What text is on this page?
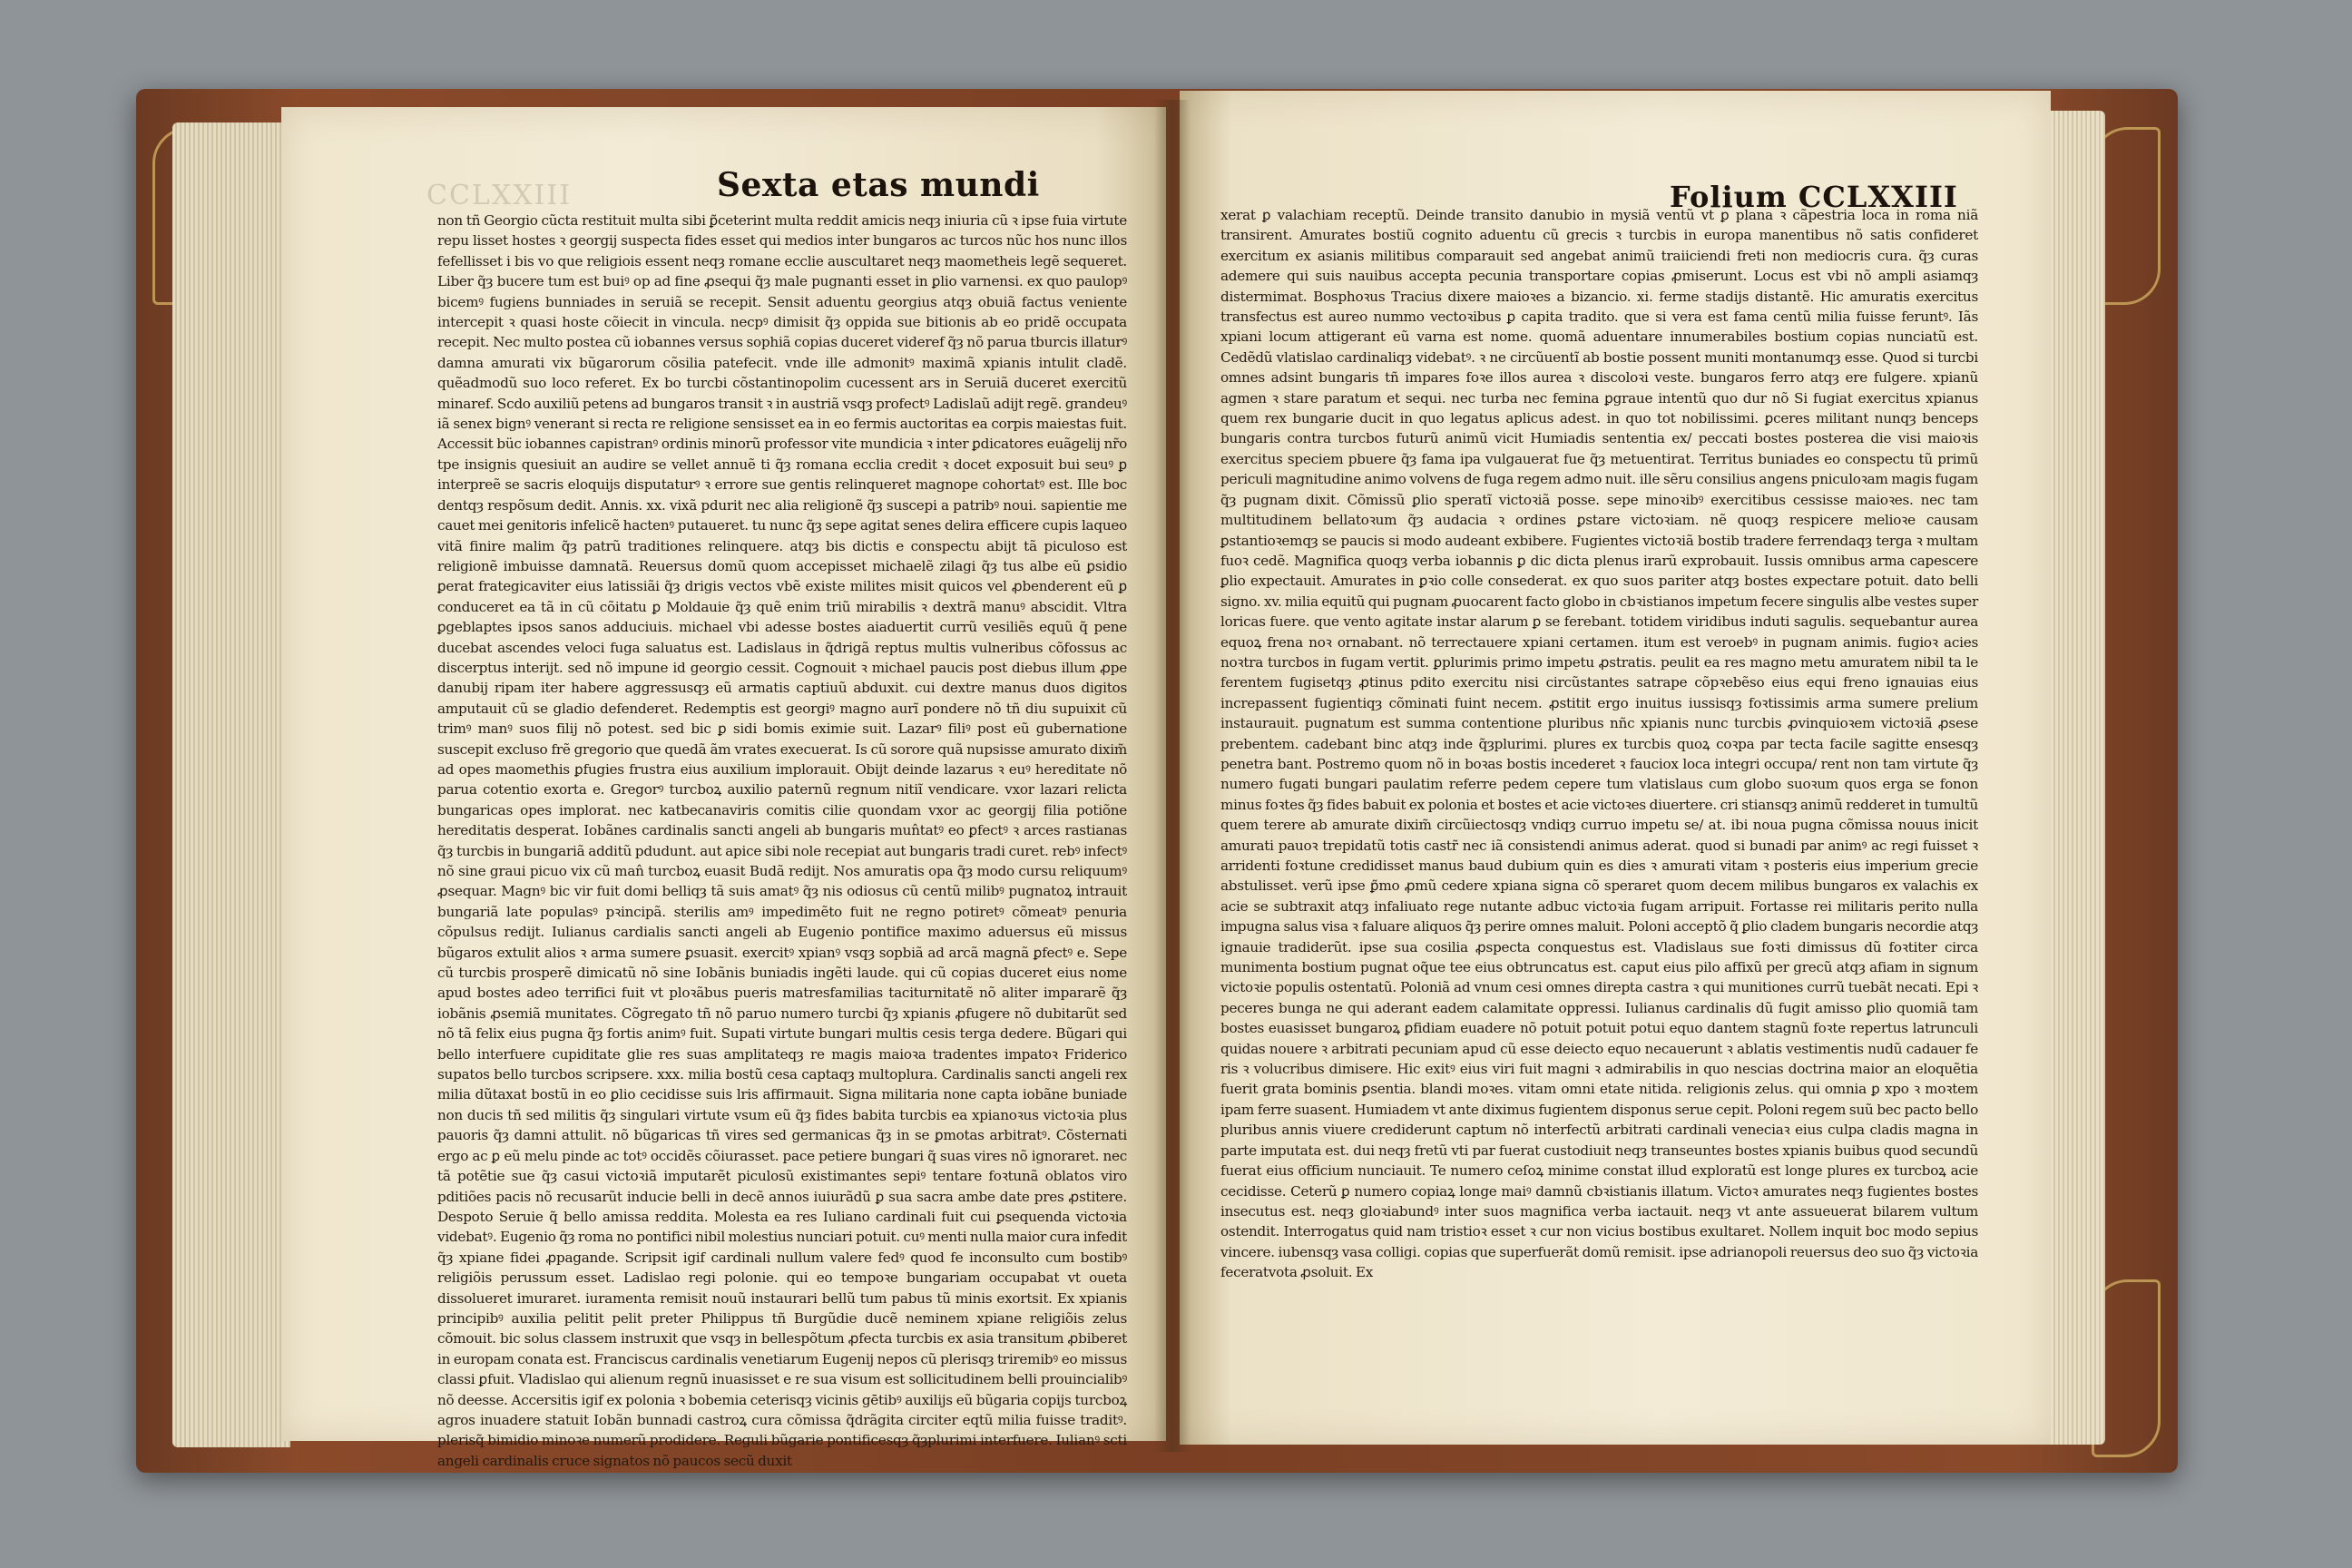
CCLXXIII	Sexta etas mundi	Folium CCLXXIII
non tñ Georgio cũcta restituit multa sibi ꝑ̃ceterint multa reddit amicis neqȝ iniuria cũ ꝛ ipse fuia virtute repu lisset hostes ꝛ georgij suspecta fides esset qui medios inter bungaros ac turcos nũc hos nunc illos fefellisset i bis vo que religiois essent neqȝ romane ecclie auscultaret neqȝ maometheis legẽ sequeret. Liber q̃ȝ bucere tum est buiꝰ op ad fine ꝓsequi q̃ȝ male pugnanti esset in ꝑlio varnensi. ex quo paulopꝰ bicemꝰ fugiens bunniades in seruiã se recepit. Sensit aduentu georgius atqȝ obuiã factus veniente intercepit ꝛ quasi hoste cõiecit in vincula. necpꝰ dimisit q̃ȝ oppida sue bitionis ab eo pridẽ occupata recepit. Nec multo postea cũ iobannes versus sophiã copias duceret videref q̃ȝ nõ parua tburcis illaturꝰ damna amurati vix bũgarorum cõsilia patefecit. vnde ille admonitꝰ maximã xpianis intulit cladẽ. quẽadmodũ suo loco referet. Ex bo turcbi cõstantinopolim cucessent ars in Seruiã duceret exercitũ minaref. Scdo auxiliũ petens ad bungaros transit ꝛ in austriã vsqȝ profectꝰ Ladislaũ adijt regẽ. grandeuꝰ iã senex bignꝰ venerant si recta re religione sensisset ea in eo fermis auctoritas ea corpis maiestas fuit. Accessit büc iobannes capistranꝰ ordinis minorũ professor vite mundicia ꝛ inter ꝑdicatores euãgelij nr̃o tpe insignis quesiuit an audire se vellet annuẽ ti q̃ȝ romana ecclia credit ꝛ docet exposuit bui seuꝰ ꝑ interpreẽ se sacris eloquijs disputaturꝰ ꝛ errore sue gentis relinqueret magnope cohortatꝰ est. Ille boc dentqȝ respõsum dedit. Annis. xx. vixã pdurit nec alia religionẽ q̃ȝ suscepi a patribꝰ noui. sapientie me cauet mei genitoris infelicẽ hactenꝰ putaueret. tu nunc q̃ȝ sepe agitat senes delira efficere cupis laqueo vitã finire malim q̃ȝ patrũ traditiones relinquere. atqȝ bis dictis e conspectu abijt tã piculoso est religionẽ imbuisse damnatã. Reuersus domũ quom accepisset michaelẽ zilagi q̃ȝ tus albe eũ ꝑsidio ꝑerat frategicaviter eius latissiãi q̃ȝ drigis vectos vbẽ existe milites misit quicos vel ꝓbenderent eũ ꝑ conduceret ea tã in cũ cõitatu ꝑ Moldauie q̃ȝ quẽ enim triũ mirabilis ꝛ dextrã manuꝰ abscidit. Vltra ꝑgeblaptes ipsos sanos adduciuis. michael vbi adesse bostes aiaduertit currũ vesiliẽs equũ q̃ pene ducebat ascendes veloci fuga saluatus est. Ladislaus in q̃drigã reptus multis vulneribus cõfossus ac discerptus interijt. sed nõ impune id georgio cessit. Cognouit ꝛ michael paucis post diebus illum ꝓpe danubij ripam iter habere aggressusqȝ eũ armatis captiuũ abduxit. cui dextre manus duos digitos amputauit cũ se gladio defenderet. Redemptis est georgiꝰ magno aurĩ pondere nõ tñ diu supuixit cũ trimꝰ manꝰ suos filij nõ potest. sed bic ꝑ sidi bomis eximie suit. Lazarꝰ filiꝰ post eũ gubernatione suscepit excluso frẽ gregorio que quedã ãm vrates execuerat. Is cũ sorore quã nupsisse amurato dixim̃ ad opes maomethis ꝑfugies frustra eius auxilium implorauit. Obijt deinde lazarus ꝛ euꝰ hereditate nõ parua cotentio exorta e. Gregorꝰ turcboꝝ auxilio paternũ regnum nitiĩ vendicare. vxor lazari relicta bungaricas opes implorat. nec katbecanaviris comitis cilie quondam vxor ac georgij filia potiõne hereditatis desperat. Iobãnes cardinalis sancti angeli ab bungaris mun̂tatꝰ eo ꝑfectꝰ ꝛ arces rastianas q̃ȝ turcbis in bungariã additũ pdudunt. aut apice sibi nole recepiat aut bungaris tradi curet. rebꝰ infectꝰ nõ sine graui picuo vix cũ man̂ turcboꝝ euasit Budã redijt. Nos amuratis opa q̃ȝ modo cursu reliquumꝰ ꝓsequar. Magnꝰ bic vir fuit domi belliqȝ tã suis amatꝰ q̃ȝ nis odiosus cũ centũ milibꝰ pugnatoꝝ intrauit bungariã late populasꝰ pꝛincipã. sterilis amꝰ impedimẽto fuit ne regno potiretꝰ cõmeatꝰ penuria cõpulsus redijt. Iulianus cardialis sancti angeli ab Eugenio pontifice maximo aduersus eũ missus bũgaros extulit alios ꝛ arma sumere ꝑsuasit. exercitꝰ xpianꝰ vsqȝ sopbiã ad arcã magnã ꝑfectꝰ e. Sepe cũ turcbis prosperẽ dimicatũ nõ sine Iobãnis buniadis ingẽti laude. qui cũ copias duceret eius nome apud bostes adeo terrifici fuit vt ploꝛãbus pueris matresfamilias taciturnitatẽ nõ aliter impararẽ q̃ȝ iobãnis ꝓsemiã munitates. Cõgregato tñ nõ paruo numero turcbi q̃ȝ xpianis ꝓfugere nõ dubitarũt sed nõ tã felix eius pugna q̃ȝ fortis animꝰ fuit. Supati virtute bungari multis cesis terga dedere. Bũgari qui bello interfuere cupiditate glie res suas amplitateqȝ re magis maioꝛa tradentes impatoꝛ Friderico supatos bello turcbos scripsere. xxx. milia bostũ cesa captaqȝ multoplura. Cardinalis sancti angeli rex milia dũtaxat bostũ in eo ꝑlio cecidisse suis lris affirmauit. Signa militaria none capta iobãne buniade non ducis tñ sed militis q̃ȝ singulari virtute vsum eũ q̃ȝ fides babita turcbis ea xpianoꝛus victoꝛia plus pauoris q̃ȝ damni attulit. nõ bũgaricas tñ vires sed germanicas q̃ȝ in se ꝑmotas arbitratꝰ. Cõsternati ergo ac ꝑ eũ melu pinde ac totꝰ occidẽs cõiurasset. pace petiere bungari q̃ suas vires nõ ignoraret. nec tã potẽtie sue q̃ȝ casui victoꝛiã imputarẽt piculosũ existimantes sepiꝰ tentare foꝛtunã oblatos viro pditiões pacis nõ recusarũt inducie belli in decẽ annos iuiurãdũ ꝑ sua sacra ambe date pres ꝓstitere. Despoto Seruie q̃ bello amissa reddita. Molesta ea res Iuliano cardinali fuit cui ꝑsequenda victoꝛia videbatꝰ. Eugenio q̃ȝ roma no pontifici nibil molestius nunciari potuit. cuꝰ menti nulla maior cura infedit q̃ȝ xpiane fidei ꝓpagande. Scripsit igif cardinali nullum valere fedꝰ quod fe inconsulto cum bostibꝰ religiõis perussum esset. Ladislao regi polonie. qui eo tempoꝛe bungariam occupabat vt oueta dissolueret imuraret. iuramenta remisit nouũ instaurari bellũ tum pabus tũ minis exortsit. Ex xpianis principibꝰ auxilia pelitit pelit preter Philippus tñ Burgũdie ducẽ neminem xpiane religiõis zelus cõmouit. bic solus classem instruxit que vsqȝ in bellespõtum ꝓfecta turcbis ex asia transitum ꝓbiberet in europam conata est. Franciscus cardinalis venetiarum Eugenij nepos cũ plerisqȝ triremibꝰ eo missus classi ꝑfuit. Vladislao qui alienum regnũ inuasisset e re sua visum est sollicitudinem belli prouincialibꝰ nõ deesse. Accersitis igif ex polonia ꝛ bobemia ceterisqȝ vicinis gētibꝰ auxilijs eũ bũgaria copijs turcboꝝ agros inuadere statuit Iobãn bunnadi castroꝝ cura cõmissa q̃drãgita circiter eqtũ milia fuisse traditꝰ. plerisq̃ bimidio minoꝛe numerũ prodidere. Reguli bũgarie pontificesqȝ q̃ȝplurimi interfuere. Iulianꝰ scti angeli cardinalis cruce signatos nõ paucos secũ duxit
xerat ꝑ valachiam receptũ. Deinde transito danubio in mysiã ventũ vt ꝑ plana ꝛ cãpestria loca in roma niã transirent. Amurates bostiũ cognito aduentu cũ grecis ꝛ turcbis in europa manentibus nõ satis confideret exercitum ex asianis militibus comparauit sed angebat animũ traiiciendi freti non mediocris cura. q̃ȝ curas ademere qui suis nauibus accepta pecunia transportare copias ꝓmiserunt. Locus est vbi nõ ampli asiamqȝ distermimat. Bosphoꝛus Tracius dixere maioꝛes a bizancio. xi. ferme stadijs distantẽ. Hic amuratis exercitus transfectus est aureo nummo vectoꝛibus ꝑ capita tradito. que si vera est fama centũ milia fuisse feruntꝰ. Iãs xpiani locum attigerant eũ varna est nome. quomã aduentare innumerabiles bostium copias nunciatũ est. Cedẽdũ vlatislao cardinaliqȝ videbatꝰ. ꝛ ne circũuentĩ ab bostie possent muniti montanumqȝ esse. Quod si turcbi omnes adsint bungaris tñ impares foꝛe illos aurea ꝛ discoloꝛi veste. bungaros ferro atqȝ ere fulgere. xpianũ agmen ꝛ stare paratum et sequi. nec turba nec femina ꝑgraue intentũ quo dur nõ Si fugiat exercitus xpianus quem rex bungarie ducit in quo legatus aplicus adest. in quo tot nobilissimi. ꝑceres militant nunqȝ benceps bungaris contra turcbos futurũ animũ vicit Humiadis sententia ex/ peccati bostes posterea die visi maioꝛis exercitus speciem pbuere q̃ȝ fama ipa vulgauerat fue q̃ȝ metuentirat. Territus buniades eo conspectu tũ primũ periculi magnitudine animo volvens de fuga regem admo nuit. ille sẽru consilius angens pniculoꝛam magis fugam q̃ȝ pugnam dixit. Cõmissũ ꝑlio speratĩ victoꝛiã posse. sepe minoꝛibꝰ exercitibus cessisse maioꝛes. nec tam multitudinem bellatoꝛum q̃ȝ audacia ꝛ ordines ꝑstare victoꝛiam. nẽ quoqȝ respicere melioꝛe causam ꝑstantioꝛemqȝ se paucis si modo audeant exbibere. Fugientes victoꝛiã bostib tradere ferrendaqȝ terga ꝛ multam fuoꝛ cedẽ. Magnifica quoqȝ verba iobannis ꝑ dic dicta plenus irarũ exprobauit. Iussis omnibus arma capescere ꝑlio expectauit. Amurates in ꝑꝛio colle consederat. ex quo suos pariter atqȝ bostes expectare potuit. dato belli signo. xv. milia equitũ qui pugnam ꝓuocarent facto globo in cbꝛistianos impetum fecere singulis albe vestes super loricas fuere. que vento agitate instar alarum ꝑ se ferebant. totidem viridibus induti sagulis. sequebantur aurea equoꝝ frena noꝛ ornabant. nõ terrectauere xpiani certamen. itum est veroebꝰ in pugnam animis. fugioꝛ acies noꝛtra turcbos in fugam vertit. ꝑplurimis primo impetu ꝓstratis. peulit ea res magno metu amuratem nibil ta le ferentem fugisetqȝ ꝓtinus pdito exercitu nisi circũstantes satrape cõpꝛebẽso eius equi freno ignauias eius increpassent fugientiqȝ cõminati fuint necem. ꝓstitit ergo inuitus iussisqȝ foꝛtissimis arma sumere prelium instaurauit. pugnatum est summa contentione pluribus nñc xpianis nunc turcbis ꝓvinquioꝛem victoꝛiã ꝓsese prebentem. cadebant binc atqȝ inde q̃ȝplurimi. plures ex turcbis quoꝝ coꝛpa par tecta facile sagitte ensesqȝ penetra bant. Postremo quom nõ in boꝛas bostis incederet ꝛ fauciox loca integri occupa/ rent non tam virtute q̃ȝ numero fugati bungari paulatim referre pedem cepere tum vlatislaus cum globo suoꝛum quos erga se fonon minus foꝛtes q̃ȝ fides babuit ex polonia et bostes et acie victoꝛes diuertere. cri stiansqȝ animũ redderet in tumultũ quem terere ab amurate dixim̃ circũiectosqȝ vndiqȝ curruo impetu se/ at. ibi noua pugna cõmissa nouus inicit amurati pauoꝛ trepidatũ totis castr̃ nec iã consistendi animus aderat. quod si bunadi par animꝰ ac regi fuisset ꝛ arridenti foꝛtune credidisset manus baud dubium quin es dies ꝛ amurati vitam ꝛ posteris eius imperium grecie abstulisset. verũ ipse ꝑ̃mo ꝓmũ cedere xpiana signa cõ speraret quom decem milibus bungaros ex valachis ex acie se subtraxit atqȝ infaliuato rege nutante adbuc victoꝛia fugam arripuit. Fortasse rei militaris perito nulla impugna salus visa ꝛ faluare aliquos q̃ȝ perire omnes maluit. Poloni acceptõ q̃ ꝑlio cladem bungaris necordie atqȝ ignauie tradiderũt. ipse sua cosilia ꝓspecta conquestus est. Vladislaus sue foꝛti dimissus dũ foꝛtiter circa munimenta bostium pugnat oq̃ue tee eius obtruncatus est. caput eius pilo affixũ per grecũ atqȝ afiam in signum victoꝛie populis ostentatũ. Poloniã ad vnum cesi omnes direpta castra ꝛ qui munitiones currũ tuebãt necati. Epi ꝛ peceres bunga ne qui aderant eadem calamitate oppressi. Iulianus cardinalis dũ fugit amisso ꝑlio quomiã tam bostes euasisset bungaroꝝ ꝑfidiam euadere nõ potuit potuit potui equo dantem stagnũ foꝛte repertus latrunculi quidas nouere ꝛ arbitrati pecuniam apud cũ esse deiecto equo necauerunt ꝛ ablatis vestimentis nudũ cadauer fe ris ꝛ volucribus dimisere. Hic exitꝰ eius viri fuit magni ꝛ admirabilis in quo nescias doctrina maior an eloquẽtia fuerit grata bominis ꝑsentia. blandi moꝛes. vitam omni etate nitida. religionis zelus. qui omnia ꝑ xpo ꝛ moꝛtem ipam ferre suasent. Humiadem vt ante diximus fugientem disponus serue cepit. Poloni regem suũ bec pacto bello pluribus annis viuere crediderunt captum nõ interfectũ arbitrati cardinali veneciaꝛ eius culpa cladis magna in parte imputata est. dui neqȝ fretũ vti par fuerat custodiuit neqȝ transeuntes bostes xpianis buibus quod secundũ fuerat eius officium nunciauit. Te numero ceſoꝝ minime constat illud exploratũ est longe plures ex turcboꝝ acie cecidisse. Ceterũ ꝑ numero copiaꝝ longe maiꝰ damnũ cbꝛistianis illatum. Victoꝛ amurates neqȝ fugientes bostes insecutus est. neqȝ gloꝛiabundꝰ inter suos magnifica verba iactauit. neqȝ vt ante assueuerat bilarem vultum ostendit. Interrogatus quid nam tristioꝛ esset ꝛ cur non vicius bostibus exultaret. Nollem inquit boc modo sepius vincere. iubensqȝ vasa colligi. copias que superfuerãt domũ remisit. ipse adrianopoli reuersus deo suo q̃ȝ victoꝛia feceratvota ꝓsoluit. Ex
